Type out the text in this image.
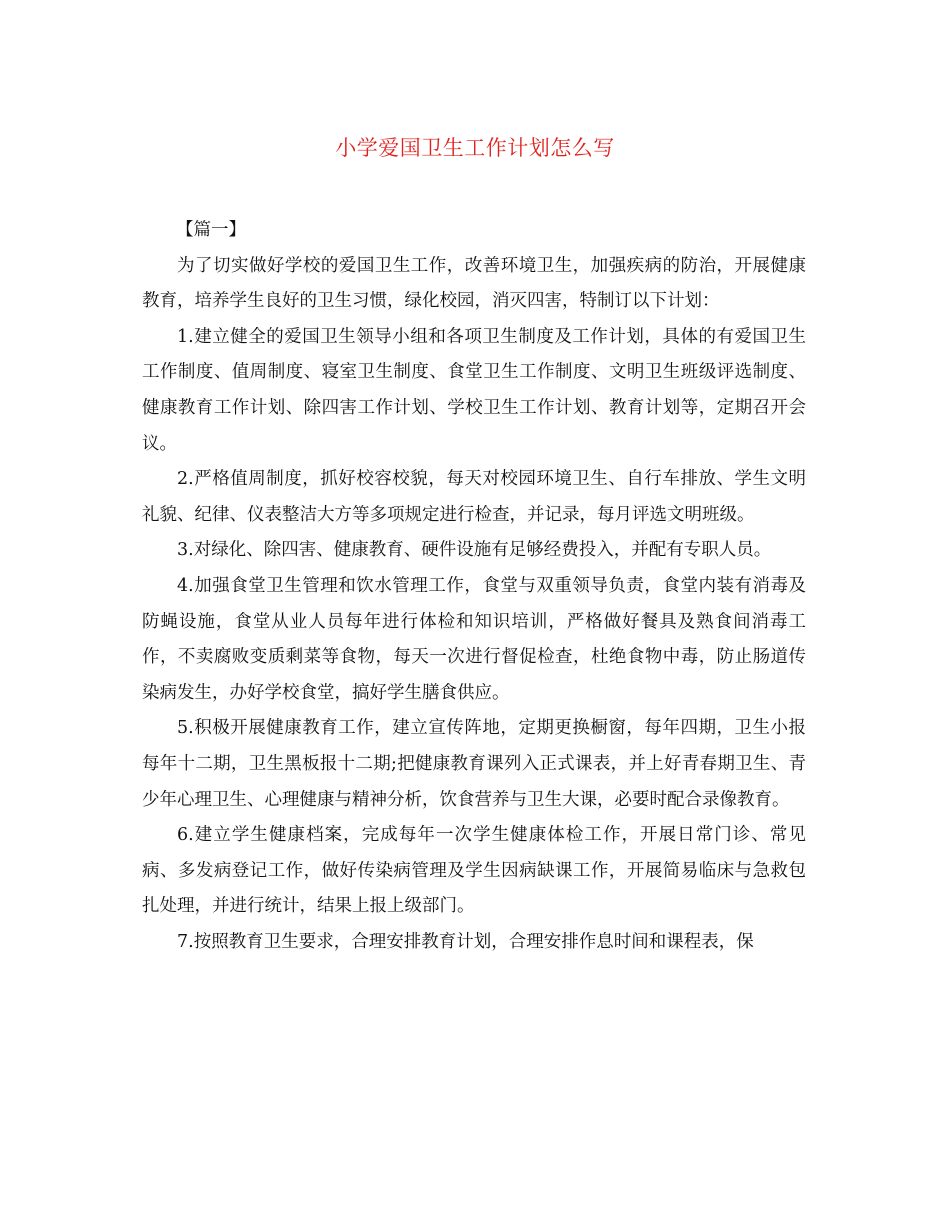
小学爱国卫生工作计划怎么写

【篇一】

为了切实做好学校的爱国卫生工作，改善环境卫生，加强疾病的防治，开展健康教育，培养学生良好的卫生习惯，绿化校园，消灭四害，特制订以下计划：

1.建立健全的爱国卫生领导小组和各项卫生制度及工作计划，具体的有爱国卫生工作制度、值周制度、寝室卫生制度、食堂卫生工作制度、文明卫生班级评选制度、健康教育工作计划、除四害工作计划、学校卫生工作计划、教育计划等，定期召开会议。

2.严格值周制度，抓好校容校貌，每天对校园环境卫生、自行车排放、学生文明礼貌、纪律、仪表整洁大方等多项规定进行检查，并记录，每月评选文明班级。

3.对绿化、除四害、健康教育、硬件设施有足够经费投入，并配有专职人员。

4.加强食堂卫生管理和饮水管理工作，食堂与双重领导负责，食堂内装有消毒及防蝇设施，食堂从业人员每年进行体检和知识培训，严格做好餐具及熟食间消毒工作，不卖腐败变质剩菜等食物，每天一次进行督促检查，杜绝食物中毒，防止肠道传染病发生，办好学校食堂，搞好学生膳食供应。

5.积极开展健康教育工作，建立宣传阵地，定期更换橱窗，每年四期，卫生小报每年十二期，卫生黑板报十二期;把健康教育课列入正式课表，并上好青春期卫生、青少年心理卫生、心理健康与精神分析，饮食营养与卫生大课，必要时配合录像教育。

6.建立学生健康档案，完成每年一次学生健康体检工作，开展日常门诊、常见病、多发病登记工作，做好传染病管理及学生因病缺课工作，开展简易临床与急救包扎处理，并进行统计，结果上报上级部门。

7.按照教育卫生要求，合理安排教育计划，合理安排作息时间和课程表，保
